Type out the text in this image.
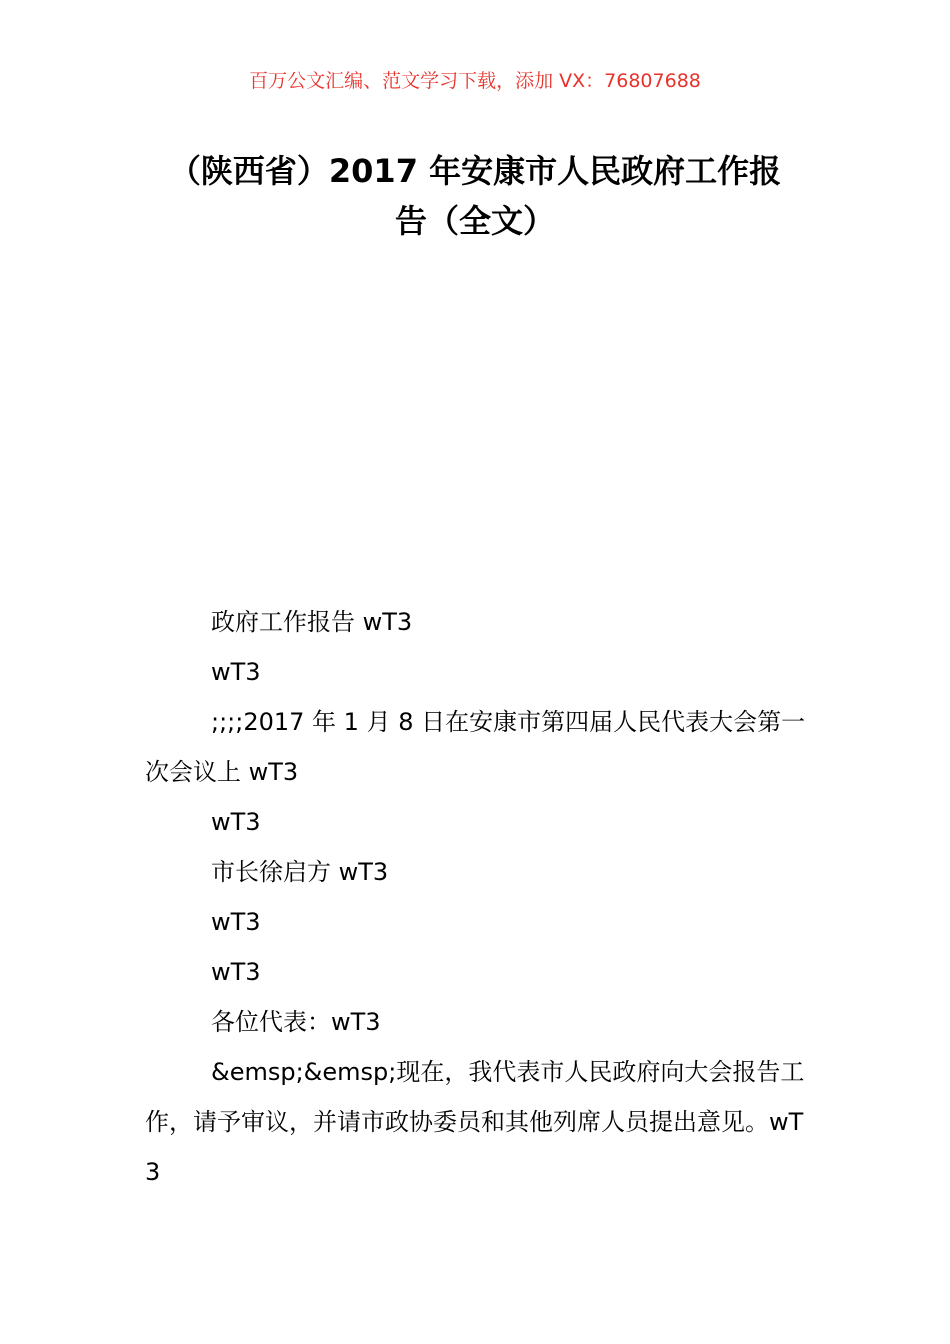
百万公文汇编、范文学习下载，添加 VX：76807688
（陕西省）2017 年安康市人民政府工作报
告（全文）

政府工作报告 wT3

wT3

;;;;2017 年 1 月 8 日在安康市第四届人民代表大会第一次会议上 wT3

wT3

市长徐启方 wT3

wT3

wT3

各位代表：wT3

&emsp;&emsp;现在，我代表市人民政府向大会报告工作，请予审议，并请市政协委员和其他列席人员提出意见。wT3
